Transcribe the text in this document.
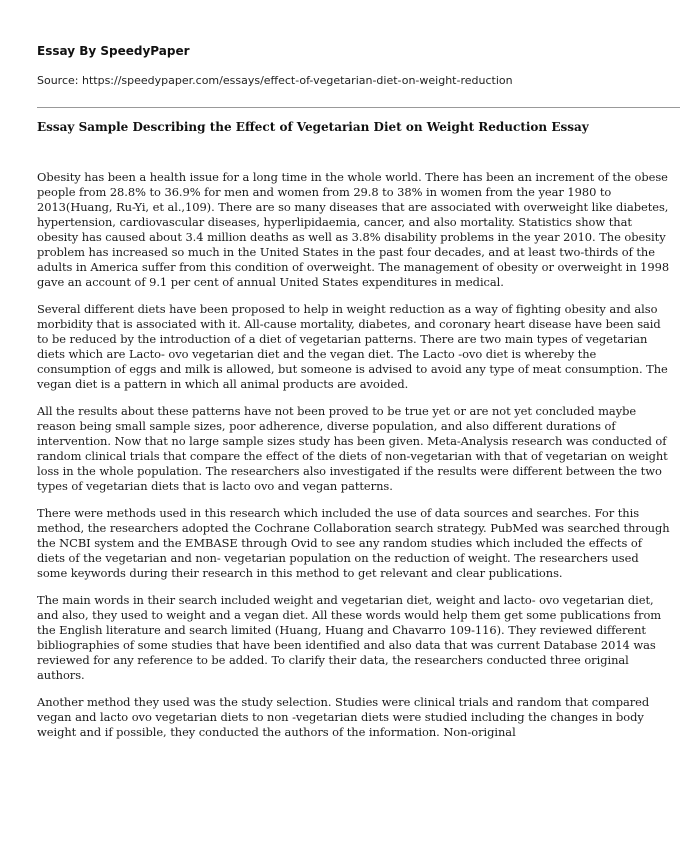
Essay By SpeedyPaper
Source: https://speedypaper.com/essays/effect-of-vegetarian-diet-on-weight-reduction
Essay Sample Describing the Effect of Vegetarian Diet on Weight Reduction Essay

Obesity has been a health issue for a long time in the whole world. There has been an increment of the obese people from 28.8% to 36.9% for men and women from 29.8 to 38% in women from the year 1980 to 2013(Huang, Ru-Yi, et al.,109). There are so many diseases that are associated with overweight like diabetes, hypertension, cardiovascular diseases, hyperlipidaemia, cancer, and also mortality. Statistics show that obesity has caused about 3.4 million deaths as well as 3.8% disability problems in the year 2010. The obesity problem has increased so much in the United States in the past four decades, and at least two-thirds of the adults in America suffer from this condition of overweight. The management of obesity or overweight in 1998 gave an account of 9.1 per cent of annual United States expenditures in medical.

Several different diets have been proposed to help in weight reduction as a way of fighting obesity and also morbidity that is associated with it. All-cause mortality, diabetes, and coronary heart disease have been said to be reduced by the introduction of a diet of vegetarian patterns. There are two main types of vegetarian diets which are Lacto- ovo vegetarian diet and the vegan diet. The Lacto -ovo diet is whereby the consumption of eggs and milk is allowed, but someone is advised to avoid any type of meat consumption. The vegan diet is a pattern in which all animal products are avoided.

All the results about these patterns have not been proved to be true yet or are not yet concluded maybe reason being small sample sizes, poor adherence, diverse population, and also different durations of intervention. Now that no large sample sizes study has been given. Meta-Analysis research was conducted of random clinical trials that compare the effect of the diets of non-vegetarian with that of vegetarian on weight loss in the whole population. The researchers also investigated if the results were different between the two types of vegetarian diets that is lacto ovo and vegan patterns.

There were methods used in this research which included the use of data sources and searches. For this method, the researchers adopted the Cochrane Collaboration search strategy. PubMed was searched through the NCBI system and the EMBASE through Ovid to see any random studies which included the effects of diets of the vegetarian and non- vegetarian population on the reduction of weight. The researchers used some keywords during their research in this method to get relevant and clear publications.

The main words in their search included weight and vegetarian diet, weight and lacto- ovo vegetarian diet, and also, they used to weight and a vegan diet. All these words would help them get some publications from the English literature and search limited (Huang, Huang and Chavarro 109-116). They reviewed different bibliographies of some studies that have been identified and also data that was current Database 2014 was reviewed for any reference to be added. To clarify their data, the researchers conducted three original authors.

Another method they used was the study selection. Studies were clinical trials and random that compared vegan and lacto ovo vegetarian diets to non -vegetarian diets were studied including the changes in body weight and if possible, they conducted the authors of the information. Non-original
